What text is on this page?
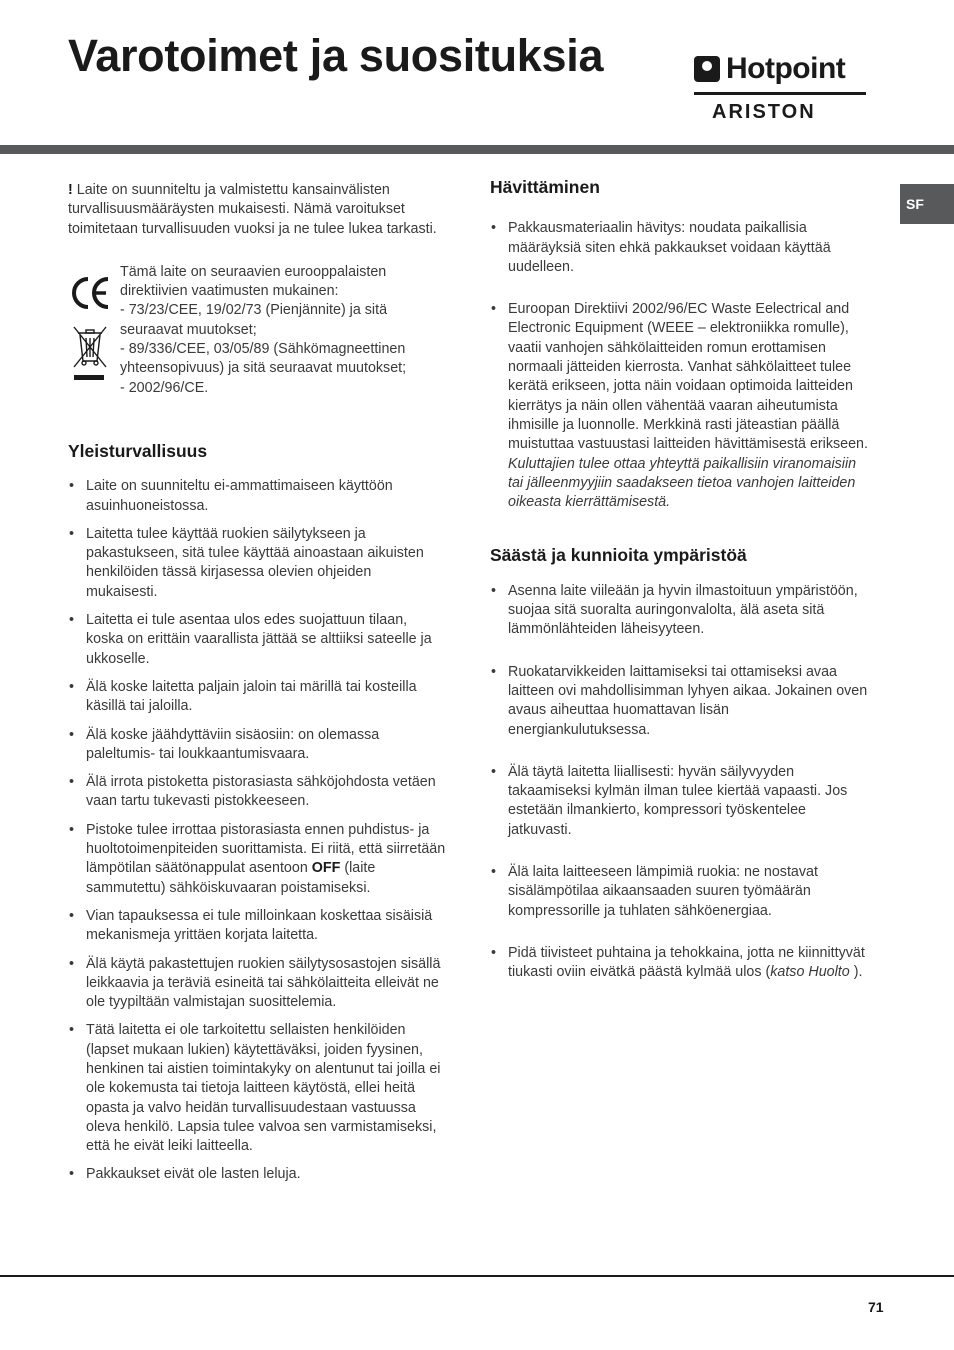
Varotoimet ja suosituksia	Hotpoint
ARISTON
SF

! Laite on suunniteltu ja valmistettu kansainvälisten turvallisuusmääräysten mukaisesti. Nämä varoitukset toimitetaan turvallisuuden vuoksi ja ne tulee lukea tarkasti.

Tämä laite on seuraavien eurooppalaisten direktiivien vaatimusten mukainen:

- 73/23/CEE, 19/02/73 (Pienjännite) ja sitä seuraavat muutokset;

- 89/336/CEE, 03/05/89 (Sähkömagneettinen yhteensopivuus) ja sitä seuraavat muutokset;

- 2002/96/CE.

Yleisturvallisuus
• Laite on suunniteltu ei-ammattimaiseen käyttöön asuinhuoneistossa.
• Laitetta tulee käyttää ruokien säilytykseen ja pakastukseen, sitä tulee käyttää ainoastaan aikuisten henkilöiden tässä kirjasessa olevien ohjeiden mukaisesti.
• Laitetta ei tule asentaa ulos edes suojattuun tilaan, koska on erittäin vaarallista jättää se alttiiksi sateelle ja ukkoselle.
• Älä koske laitetta paljain jaloin tai märillä tai kosteilla käsillä tai jaloilla.
• Älä koske jäähdyttäviin sisäosiin: on olemassa paleltumis- tai loukkaantumisvaara.
• Älä irrota pistoketta pistorasiasta sähköjohdosta vetäen vaan tartu tukevasti pistokkeeseen.
• Pistoke tulee irrottaa pistorasiasta ennen puhdistus- ja huoltotoimenpiteiden suorittamista. Ei riitä, että siirretään lämpötilan säätönappulat asentoon OFF (laite sammutettu) sähköiskuvaaran poistamiseksi.
• Vian tapauksessa ei tule milloinkaan koskettaa sisäisiä mekanismeja yrittäen korjata laitetta.
• Älä käytä pakastettujen ruokien säilytysosastojen sisällä leikkaavia ja teräviä esineitä tai sähkölaitteita elleivät ne ole tyypiltään valmistajan suosittelemia.
• Tätä laitetta ei ole tarkoitettu sellaisten henkilöiden (lapset mukaan lukien) käytettäväksi, joiden fyysinen, henkinen tai aistien toimintakyky on alentunut tai joilla ei ole kokemusta tai tietoja laitteen käytöstä, ellei heitä opasta ja valvo heidän turvallisuudestaan vastuussa oleva henkilö. Lapsia tulee valvoa sen varmistamiseksi, että he eivät leiki laitteella.
• Pakkaukset eivät ole lasten leluja.
Hävittäminen
• Pakkausmateriaalin hävitys: noudata paikallisia määräyksiä siten ehkä pakkaukset voidaan käyttää uudelleen.
• Euroopan Direktiivi 2002/96/EC Waste Eelectrical and Electronic Equipment (WEEE – elektroniikka romulle), vaatii vanhojen sähkölaitteiden romun erottamisen normaali jätteiden kierrosta. Vanhat sähkölaitteet tulee kerätä erikseen, jotta näin voidaan optimoida laitteiden kierrätys ja näin ollen vähentää vaaran aiheutumista ihmisille ja luonnolle. Merkkinä rasti jäteastian päällä muistuttaa vastuustasi laitteiden hävittämisestä erikseen.
Kuluttajien tulee ottaa yhteyttä paikallisiin viranomaisiin tai jälleenmyyjiin saadakseen tietoa vanhojen laitteiden oikeasta kierrättämisestä.
Säästä ja kunnioita ympäristöä
• Asenna laite viileään ja hyvin ilmastoituun ympäristöön, suojaa sitä suoralta auringonvalolta, älä aseta sitä lämmönlähteiden läheisyyteen.
• Ruokatarvikkeiden laittamiseksi tai ottamiseksi avaa laitteen ovi mahdollisimman lyhyen aikaa. Jokainen oven avaus aiheuttaa huomattavan lisän energiankulutuksessa.
• Älä täytä laitetta liiallisesti: hyvän säilyvyyden takaamiseksi kylmän ilman tulee kiertää vapaasti. Jos estetään ilmankierto, kompressori työskentelee jatkuvasti.
• Älä laita laitteeseen lämpimiä ruokia: ne nostavat sisälämpötilaa aikaansaaden suuren työmäärän kompressorille ja tuhlaten sähköenergiaa.
• Pidä tiivisteet puhtaina ja tehokkaina, jotta ne kiinnittyvät tiukasti oviin eivätkä päästä kylmää ulos (katso Huolto ).
71
